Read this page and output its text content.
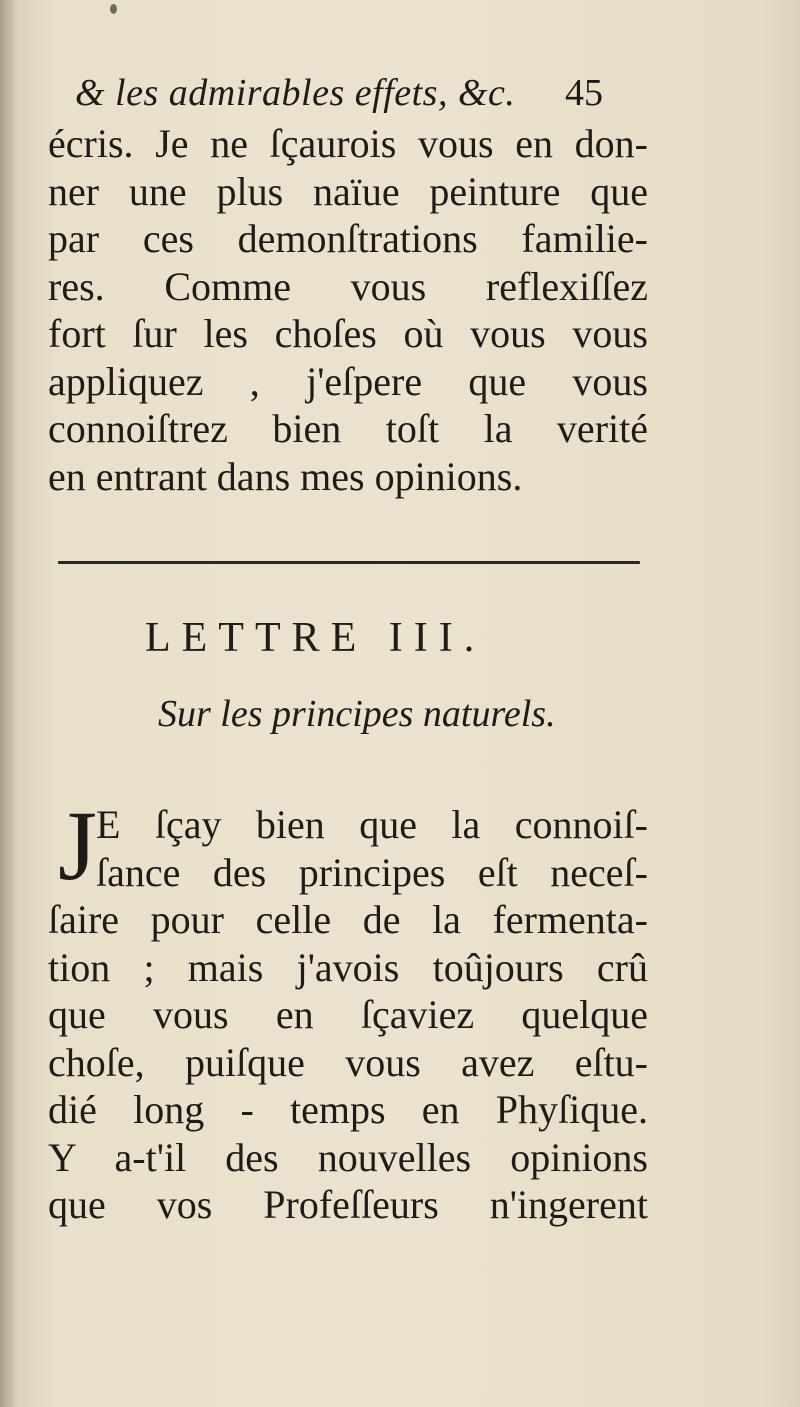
& les admirables effets, &c.	45
écris. Je ne ſçaurois vous en don-
ner une plus naïue peinture que
par ces demonſtrations familie-
res. Comme vous reflexiſſez
fort ſur les choſes où vous vous
appliquez , j'eſpere que vous
connoiſtrez bien toſt la verité
en entrant dans mes opinions.
LETTRE III.
Sur les principes naturels.
J E ſçay bien que la connoiſ-
ſance des principes eſt neceſ-
ſaire pour celle de la fermenta-
tion ; mais j'avois toûjours crû
que vous en ſçaviez quelque
choſe, puiſque vous avez eſtu-
dié long - temps en Phyſique.
Y a-t'il des nouvelles opinions
que vos Profeſſeurs n'ingerent
